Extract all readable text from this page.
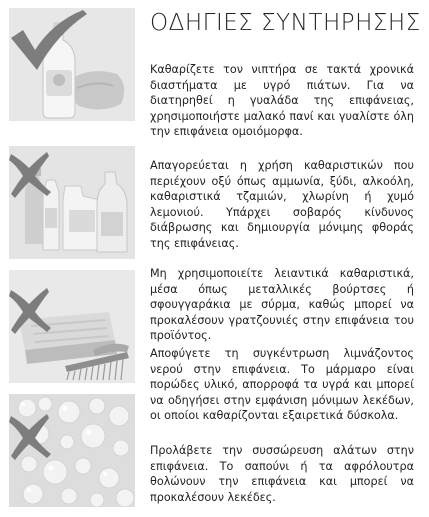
ΟΔΗΓΙΕΣ ΣΥΝΤΗΡΗΣΗΣ

Καθαρίζετε τον νιπτήρα σε τακτά χρονικά διαστήματα με υγρό πιάτων. Για να διατηρηθεί η γυαλάδα της επιφάνειας, χρησιμοποιήστε μαλακό πανί και γυαλίστε όλη την επιφάνεια ομοιόμορφα.

Απαγορεύεται η χρήση καθαριστικών που περιέχουν οξύ όπως αμμωνία, ξύδι, αλκοόλη, καθαριστικά τζαμιών, χλωρίνη ή χυμό λεμονιού. Υπάρχει σοβαρός κίνδυνος διάβρωσης και δημιουργία μόνιμης φθοράς της επιφάνειας.

Μη χρησιμοποιείτε λειαντικά καθαριστικά, μέσα όπως μεταλλικές βούρτσες ή σφουγγαράκια με σύρμα, καθώς μπορεί να προκαλέσουν γρατζουνιές στην επιφάνεια του προϊόντος.

Αποφύγετε τη συγκέντρωση λιμνάζοντος νερού στην επιφάνεια. Το μάρμαρο είναι πορώδες υλικό, απορροφά τα υγρά και μπορεί να οδηγήσει στην εμφάνιση μόνιμων λεκέδων, οι οποίοι καθαρίζονται εξαιρετικά δύσκολα.

Προλάβετε την συσσώρευση αλάτων στην επιφάνεια. Το σαπούνι ή τα αφρόλουτρα θολώνουν την επιφάνεια και μπορεί να προκαλέσουν λεκέδες.
